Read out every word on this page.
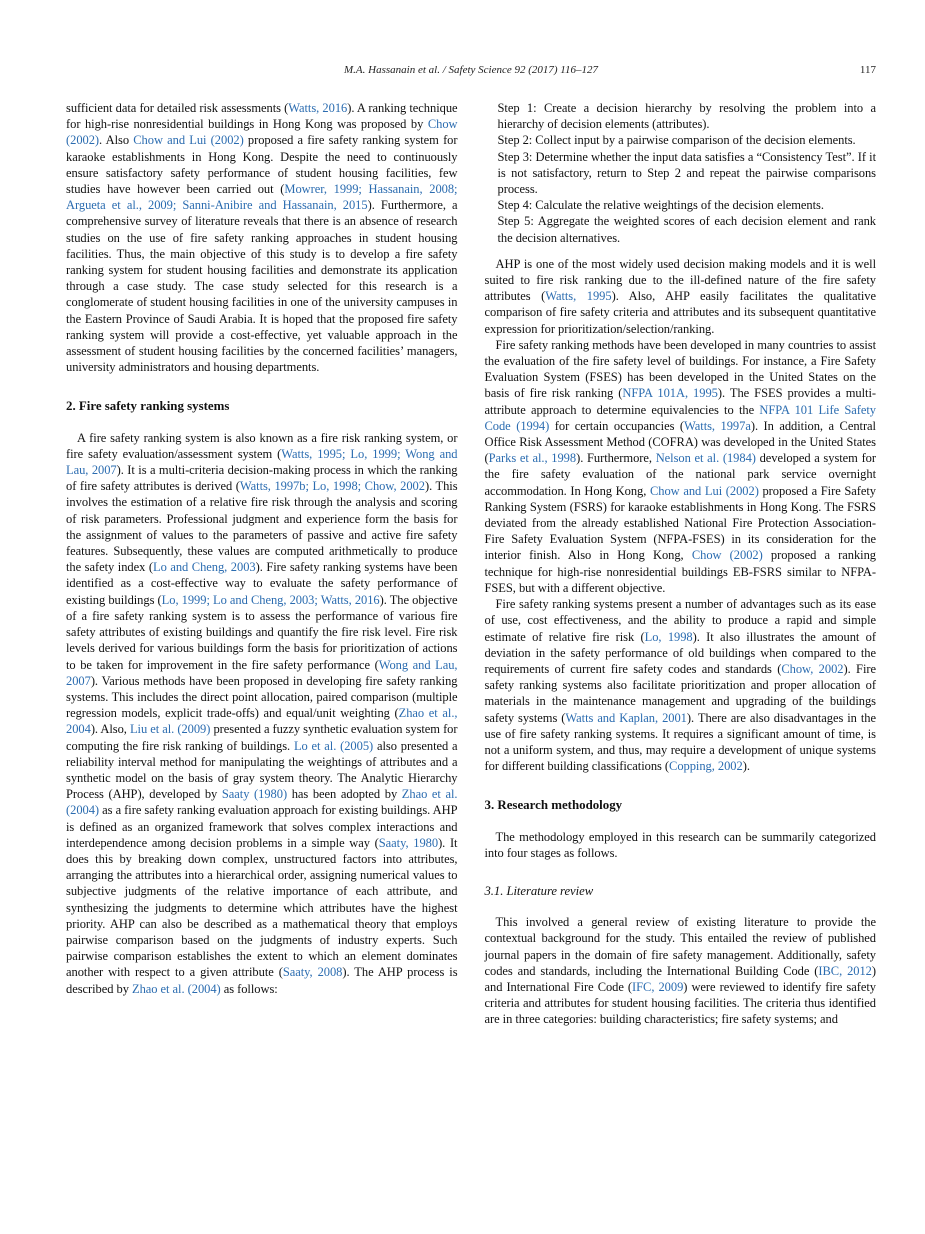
M.A. Hassanain et al. / Safety Science 92 (2017) 116–127	117

sufficient data for detailed risk assessments (Watts, 2016). A ranking technique for high-rise nonresidential buildings in Hong Kong was proposed by Chow (2002). Also Chow and Lui (2002) proposed a fire safety ranking system for karaoke establishments in Hong Kong. Despite the need to continuously ensure satisfactory safety performance of student housing facilities, few studies have however been carried out (Mowrer, 1999; Hassanain, 2008; Argueta et al., 2009; Sanni-Anibire and Hassanain, 2015). Furthermore, a comprehensive survey of literature reveals that there is an absence of research studies on the use of fire safety ranking approaches in student housing facilities. Thus, the main objective of this study is to develop a fire safety ranking system for student housing facilities and demonstrate its application through a case study. The case study selected for this research is a conglomerate of student housing facilities in one of the university campuses in the Eastern Province of Saudi Arabia. It is hoped that the proposed fire safety ranking system will provide a cost-effective, yet valuable approach in the assessment of student housing facilities by the concerned facilities’ managers, university administrators and housing departments.

2. Fire safety ranking systems

A fire safety ranking system is also known as a fire risk ranking system, or fire safety evaluation/assessment system (Watts, 1995; Lo, 1999; Wong and Lau, 2007). It is a multi-criteria decision-making process in which the ranking of fire safety attributes is derived (Watts, 1997b; Lo, 1998; Chow, 2002). This involves the estimation of a relative fire risk through the analysis and scoring of risk parameters. Professional judgment and experience form the basis for the assignment of values to the parameters of passive and active fire safety features. Subsequently, these values are computed arithmetically to produce the safety index (Lo and Cheng, 2003). Fire safety ranking systems have been identified as a cost-effective way to evaluate the safety performance of existing buildings (Lo, 1999; Lo and Cheng, 2003; Watts, 2016). The objective of a fire safety ranking system is to assess the performance of various fire safety attributes of existing buildings and quantify the fire risk level. Fire risk levels derived for various buildings form the basis for prioritization of actions to be taken for improvement in the fire safety performance (Wong and Lau, 2007). Various methods have been proposed in developing fire safety ranking systems. This includes the direct point allocation, paired comparison (multiple regression models, explicit trade-offs) and equal/unit weighting (Zhao et al., 2004). Also, Liu et al. (2009) presented a fuzzy synthetic evaluation system for computing the fire risk ranking of buildings. Lo et al. (2005) also presented a reliability interval method for manipulating the weightings of attributes and a synthetic model on the basis of gray system theory. The Analytic Hierarchy Process (AHP), developed by Saaty (1980) has been adopted by Zhao et al. (2004) as a fire safety ranking evaluation approach for existing buildings. AHP is defined as an organized framework that solves complex interactions and interdependence among decision problems in a simple way (Saaty, 1980). It does this by breaking down complex, unstructured factors into attributes, arranging the attributes into a hierarchical order, assigning numerical values to subjective judgments of the relative importance of each attribute, and synthesizing the judgments to determine which attributes have the highest priority. AHP can also be described as a mathematical theory that employs pairwise comparison based on the judgments of industry experts. Such pairwise comparison establishes the extent to which an element dominates another with respect to a given attribute (Saaty, 2008). The AHP process is described by Zhao et al. (2004) as follows:

Step 1: Create a decision hierarchy by resolving the problem into a hierarchy of decision elements (attributes).

Step 2: Collect input by a pairwise comparison of the decision elements.

Step 3: Determine whether the input data satisfies a “Consistency Test”. If it is not satisfactory, return to Step 2 and repeat the pairwise comparisons process.

Step 4: Calculate the relative weightings of the decision elements.

Step 5: Aggregate the weighted scores of each decision element and rank the decision alternatives.

AHP is one of the most widely used decision making models and it is well suited to fire risk ranking due to the ill-defined nature of the fire safety attributes (Watts, 1995). Also, AHP easily facilitates the qualitative comparison of fire safety criteria and attributes and its subsequent quantitative expression for prioritization/selection/ranking.

Fire safety ranking methods have been developed in many countries to assist the evaluation of the fire safety level of buildings. For instance, a Fire Safety Evaluation System (FSES) has been developed in the United States on the basis of fire risk ranking (NFPA 101A, 1995). The FSES provides a multi-attribute approach to determine equivalencies to the NFPA 101 Life Safety Code (1994) for certain occupancies (Watts, 1997a). In addition, a Central Office Risk Assessment Method (COFRA) was developed in the United States (Parks et al., 1998). Furthermore, Nelson et al. (1984) developed a system for the fire safety evaluation of the national park service overnight accommodation. In Hong Kong, Chow and Lui (2002) proposed a Fire Safety Ranking System (FSRS) for karaoke establishments in Hong Kong. The FSRS deviated from the already established National Fire Protection Association-Fire Safety Evaluation System (NFPA-FSES) in its consideration for the interior finish. Also in Hong Kong, Chow (2002) proposed a ranking technique for high-rise nonresidential buildings EB-FSRS similar to NFPA-FSES, but with a different objective.

Fire safety ranking systems present a number of advantages such as its ease of use, cost effectiveness, and the ability to produce a rapid and simple estimate of relative fire risk (Lo, 1998). It also illustrates the amount of deviation in the safety performance of old buildings when compared to the requirements of current fire safety codes and standards (Chow, 2002). Fire safety ranking systems also facilitate prioritization and proper allocation of materials in the maintenance management and upgrading of the buildings safety systems (Watts and Kaplan, 2001). There are also disadvantages in the use of fire safety ranking systems. It requires a significant amount of time, is not a uniform system, and thus, may require a development of unique systems for different building classifications (Copping, 2002).

3. Research methodology

The methodology employed in this research can be summarily categorized into four stages as follows.

3.1. Literature review

This involved a general review of existing literature to provide the contextual background for the study. This entailed the review of published journal papers in the domain of fire safety management. Additionally, safety codes and standards, including the International Building Code (IBC, 2012) and International Fire Code (IFC, 2009) were reviewed to identify fire safety criteria and attributes for student housing facilities. The criteria thus identified are in three categories: building characteristics; fire safety systems; and
